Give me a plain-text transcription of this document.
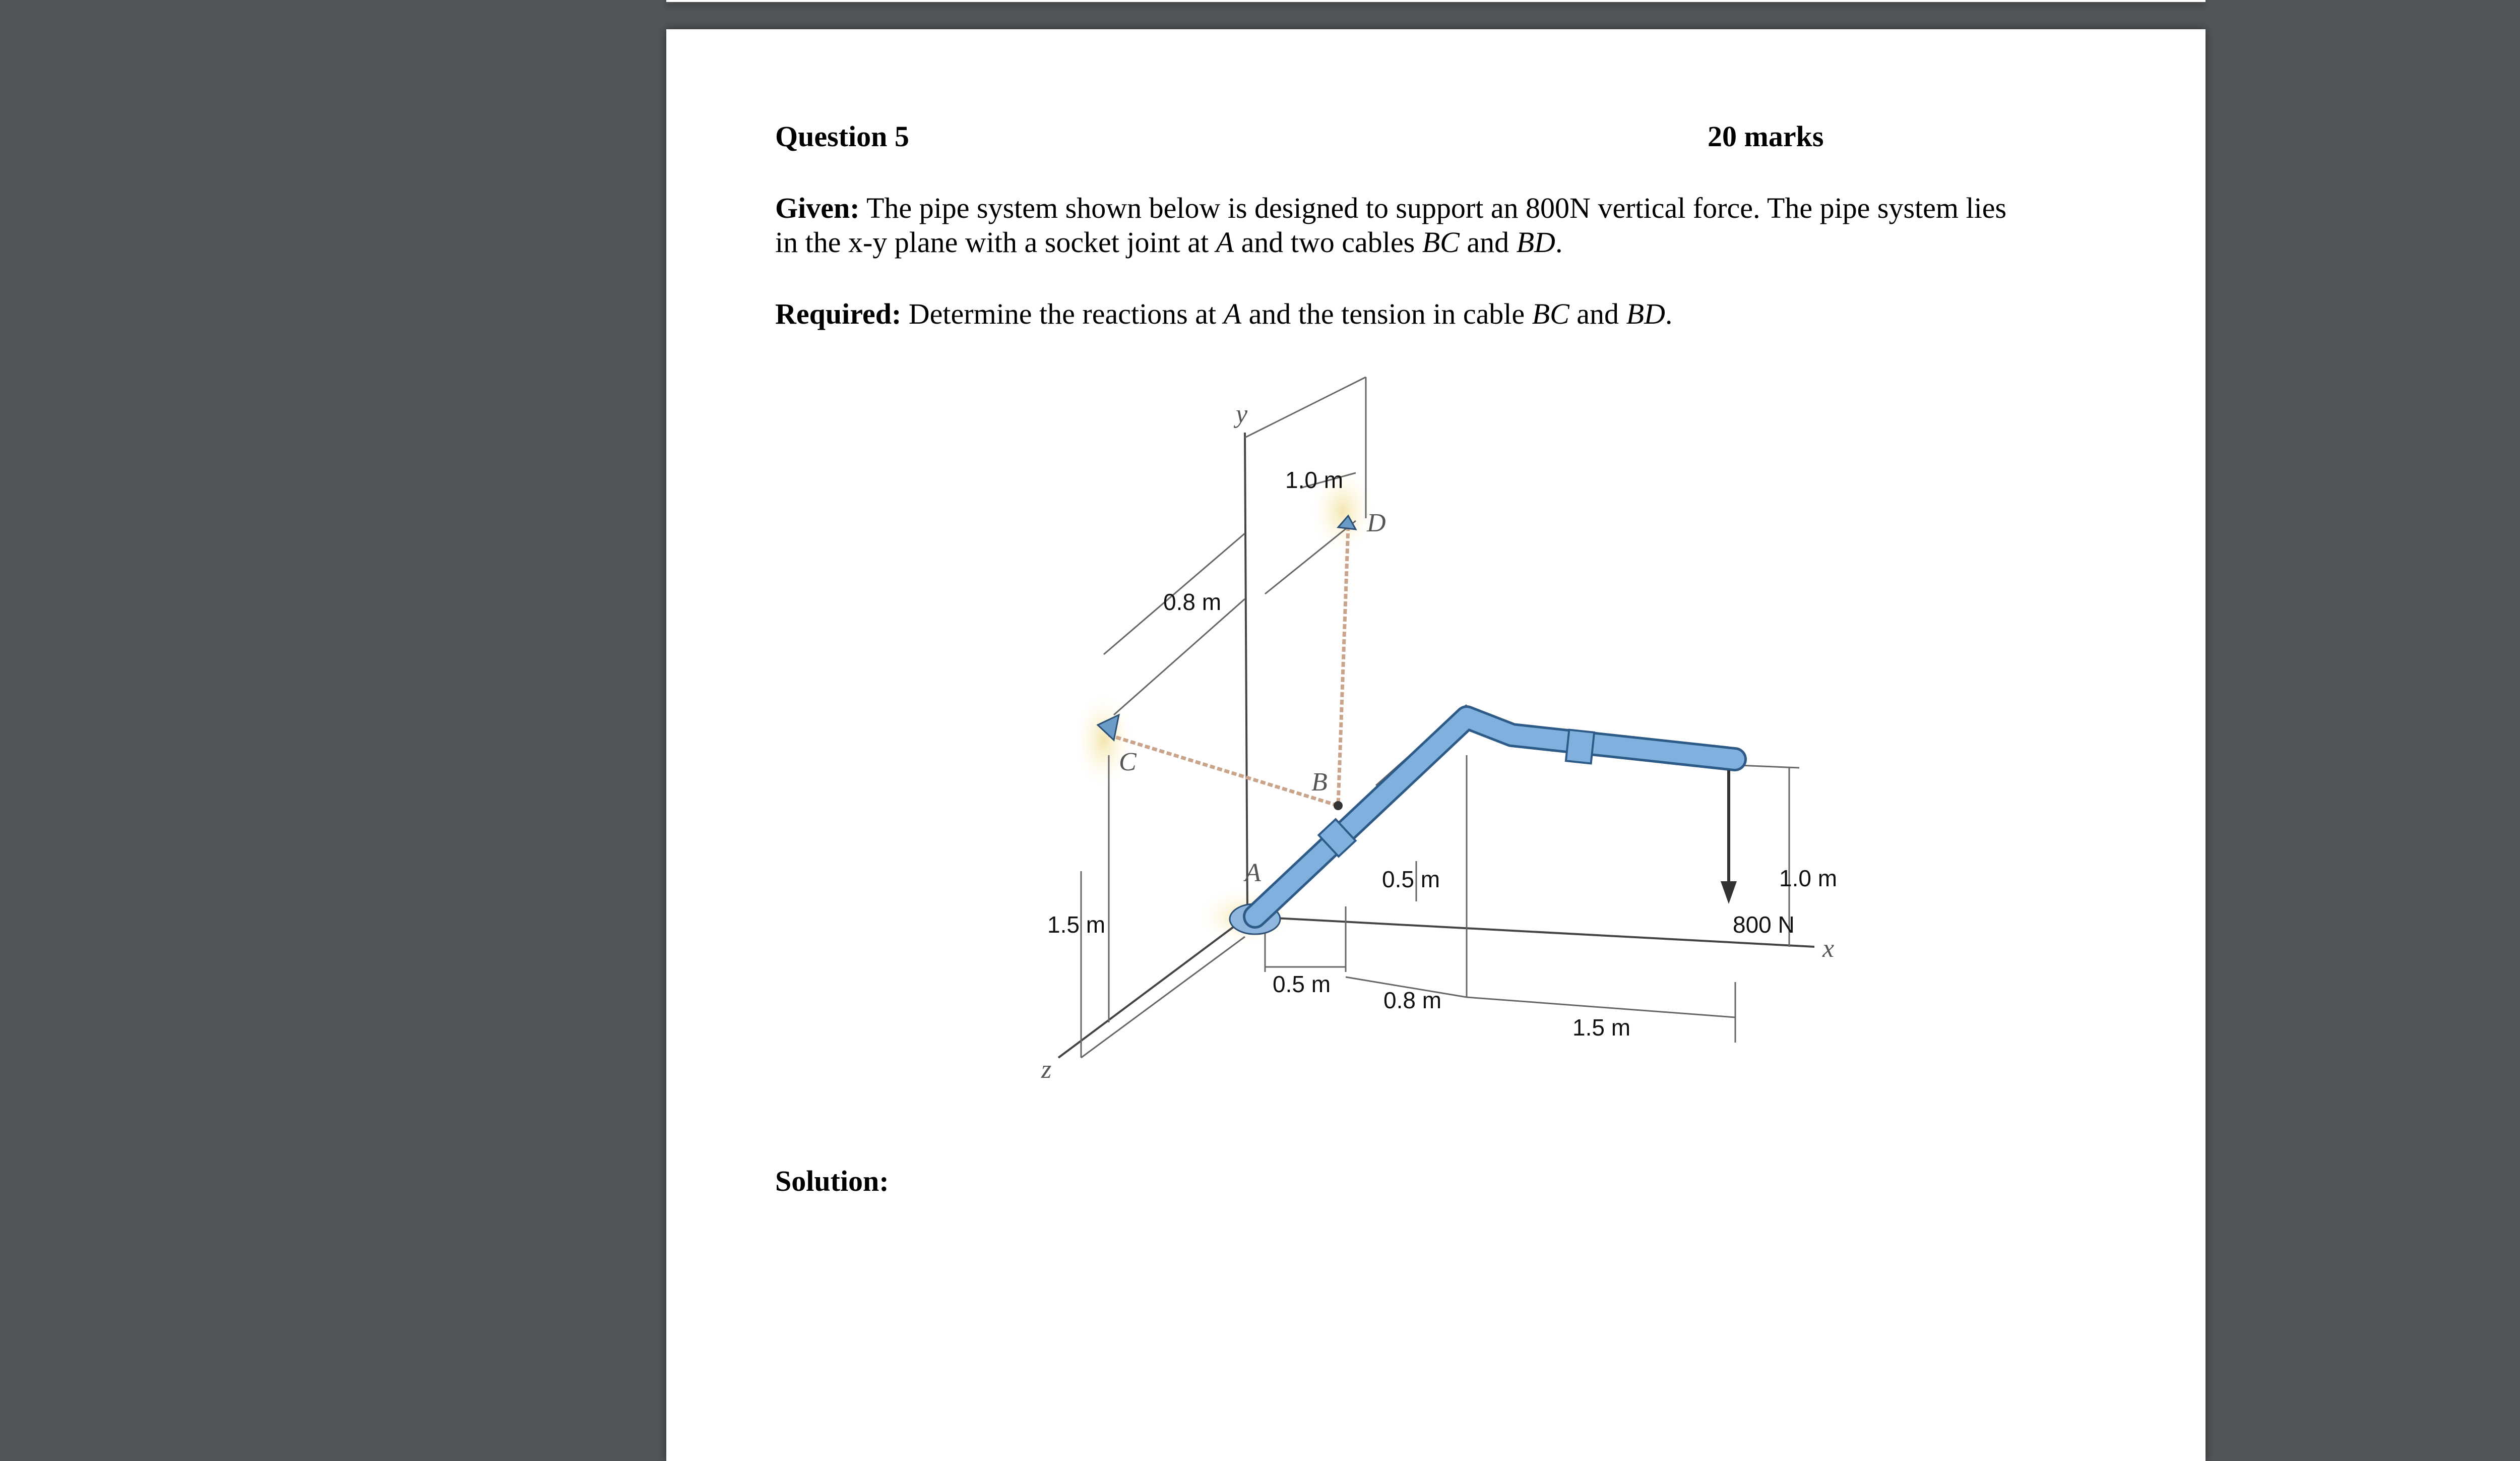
Question 5	20 marks
Given: The pipe system shown below is designed to support an 800N vertical force. The pipe system lies
in the x-y plane with a socket joint at A and two cables BC and BD.
Required: Determine the reactions at A and the tension in cable BC and BD.
y
x
z
A
B
C
D
1.0 m
0.8 m
1.5 m
0.5 m	1.0 m
800 N
0.5 m
0.8 m
1.5 m
Solution:
